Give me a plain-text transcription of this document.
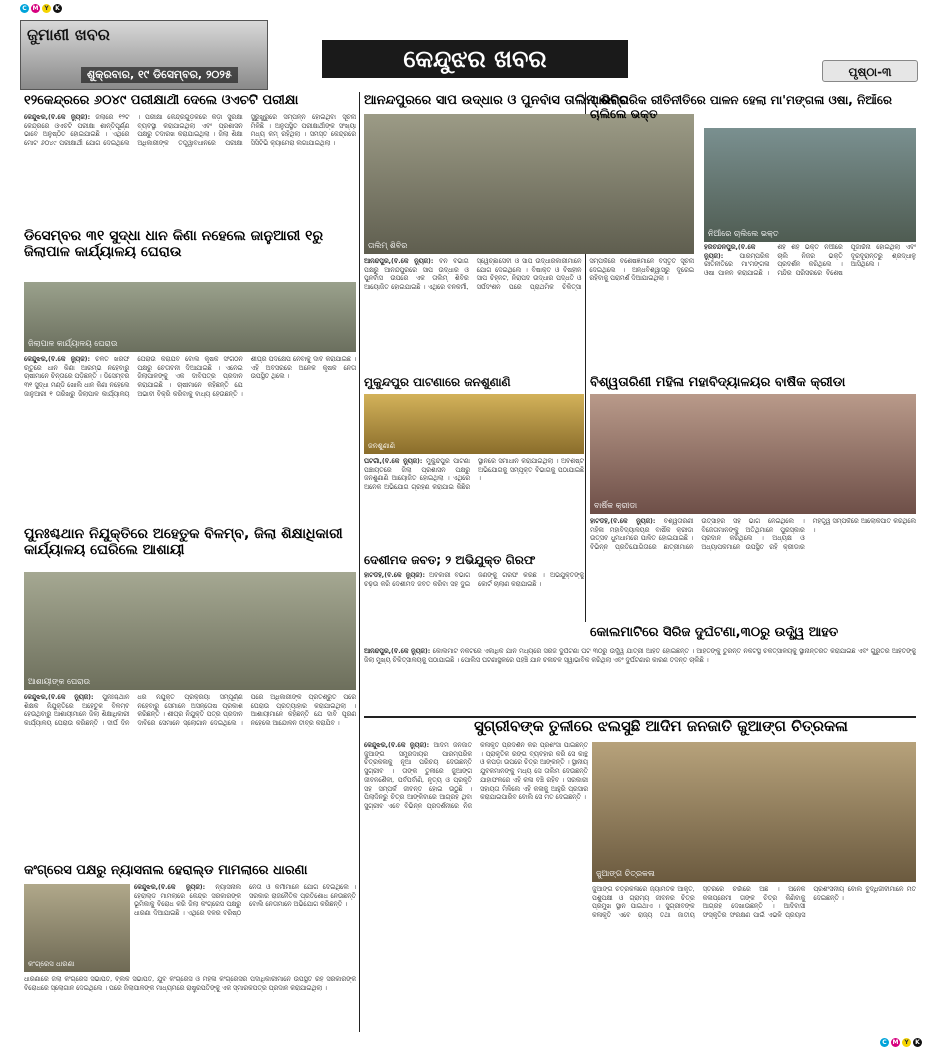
C M Y	K
ଜୁମାଣୀ ଖବର
ଶୁକ୍ରବାର, ୧୯ ଡିସେମ୍ବର, ୨୦୨୫
କେନ୍ଦୁଝର ଖବର	ପୃଷ୍ଠା-୩
୧୨କେନ୍ଦ୍ରରେ ୬୦୪୯ ପରୀକ୍ଷାର୍ଥୀ ଦେଲେ ଓଏଚଟି ପରୀକ୍ଷା
କେନ୍ଦୁଝର,(ବି.କେ ନ୍ୟୁଜ): ଜିଲାରେ ୧୨ଟି କେନ୍ଦ୍ରରେ ଓଏଚଟି ପରୀକ୍ଷା ଶାନ୍ତିପୂର୍ଣ୍ଣ ଭାବେ ଅନୁଷ୍ଠିତ ହୋଇଯାଇଛି । ଏଥିରେ ମୋଟ ୬୦୪୯ ପରୀକ୍ଷାର୍ଥୀ ଯୋଗ ଦେଇଥିଲେ । ପରୀକ୍ଷା କେନ୍ଦ୍ରଗୁଡ଼ିକରେ କଡ଼ା ସୁରକ୍ଷା ବ୍ୟବସ୍ଥା କରାଯାଇଥିଲା ଏବଂ ପ୍ରଶାସନ ପକ୍ଷରୁ ତଦାରଖ କରାଯାଇଥିଲା । ଜିଲା ଶିକ୍ଷା ଅଧିକାରୀଙ୍କ ତତ୍ତ୍ୱାବଧାନରେ ପରୀକ୍ଷା ସୁରୁଖୁରୁରେ ସମ୍ପନ୍ନ ହୋଇଥିବା ସୂଚନା ମିଳିଛି । ଅନୁପସ୍ଥିତ ପରୀକ୍ଷାର୍ଥୀଙ୍କ ସଂଖ୍ୟା ମଧ୍ୟ କମ୍ ରହିଥିଲା । ସମସ୍ତ କେନ୍ଦ୍ରରେ ସିସିଟିଭି କ୍ୟାମେରା ଲଗାଯାଇଥିଲା ।
ଡିସେମ୍ବର ୩୧ ସୁଦ୍ଧା ଧାନ କିଣା ନହେଲେ ଜାନୁଆରୀ ୧ରୁ ଜିଲାପାଳ କାର୍ଯ୍ୟାଳୟ ଘେରାଉ
ଜିଲାପାଳ କାର୍ଯ୍ୟାଳୟ ଘେରାଉ
କେନ୍ଦୁଝର,(ବି.କେ ନ୍ୟୁଜ): ଚଳିତ ଖରିଫ ଋତୁରେ ଧାନ କିଣା ଆରମ୍ଭ ନହେବାରୁ ଚାଷୀମାନେ ଚିନ୍ତାରେ ପଡ଼ିଛନ୍ତି । ଡିସେମ୍ବର ୩୧ ସୁଦ୍ଧା ମଣ୍ଡି ଖୋଲି ଧାନ କିଣା ନହେଲେ ଜାନୁଆରୀ ୧ ତାରିଖରୁ ଜିଲାପାଳ କାର୍ଯ୍ୟାଳୟ ଘେରାଉ କରାଯିବ ବୋଲି କୃଷକ ସଂଗଠନ ପକ୍ଷରୁ ଚେତାବନୀ ଦିଆଯାଇଛି । ଏନେଇ ଜିଲାପାଳଙ୍କୁ ଏକ ଦାବିପତ୍ର ପ୍ରଦାନ କରାଯାଇଛି । ଚାଷୀମାନେ କହିଛନ୍ତି ଯେ ଅଭାବୀ ବିକ୍ରି କରିବାକୁ ବାଧ୍ୟ ହେଉଛନ୍ତି । ଶୀଘ୍ର ପଦକ୍ଷେପ ନେବାକୁ ଦାବି କରାଯାଇଛି । ଏହି ଅବସରରେ ଅନେକ କୃଷକ ନେତା ଉପସ୍ଥିତ ଥିଲେ ।
ପୁନଃଶ୍ଚଥାନ ନିଯୁକ୍ତିରେ ଅହେତୁକ ବିଳମ୍ବ, ଜିଲା ଶିକ୍ଷାଧିକାରୀ କାର୍ଯ୍ୟାଳୟ ଘେରିଲେ ଆଶାୟୀ
ଆଶାୟୀଙ୍କ ଘେରାଉ
କେନ୍ଦୁଝର,(ବି.କେ ନ୍ୟୁଜ): ପୁନଃଶ୍ଚଥାନ ଶିକ୍ଷକ ନିଯୁକ୍ତିରେ ଅହେତୁକ ବିଳମ୍ବ ହେଉଥିବାରୁ ଆଶାୟୀମାନେ ଜିଲା ଶିକ୍ଷାଧିକାରୀ କାର୍ଯ୍ୟାଳୟ ଘେରାଉ କରିଛନ୍ତି । ଦୀର୍ଘ ଦିନ ଧରି ନିଯୁକ୍ତି ପ୍ରକ୍ରିୟା ସମ୍ପୂର୍ଣ୍ଣ ନହେବାରୁ ସେମାନେ ଅସନ୍ତୋଷ ପ୍ରକାଶ କରିଛନ୍ତି । ଶୀଘ୍ର ନିଯୁକ୍ତି ପତ୍ର ପ୍ରଦାନ ଦାବିରେ ସେମାନେ ସ୍ଲୋଗାନ ଦେଇଥିଲେ । ପରେ ଅଧିକାରୀଙ୍କ ପ୍ରତିଶ୍ରୁତି ପରେ ଘେରାଉ ପ୍ରତ୍ୟାହାର କରାଯାଇଥିଲା । ଆଶାୟୀମାନେ କହିଛନ୍ତି ଯେ ଦାବି ପୂରଣ ନହେଲେ ଆନ୍ଦୋଳନ ତୀବ୍ର କରାଯିବ ।
କଂଗ୍ରେସ ପକ୍ଷରୁ ନ୍ୟାସନାଲ ହେରାଲ୍ଡ ମାମଲାରେ ଧାରଣା
କଂଗ୍ରେସ ଧାରଣା
କେନ୍ଦୁଝର,(ବି.କେ ନ୍ୟୁଜ): ନ୍ୟାସନାଲ ହେରାଲ୍ଡ ମାମଲାରେ କେନ୍ଦ୍ର ସରକାରଙ୍କ ଭୂମିକାକୁ ବିରୋଧ କରି ଜିଲା କଂଗ୍ରେସ ପକ୍ଷରୁ ଧାରଣା ଦିଆଯାଇଛି । ଏଥିରେ ଦଳର ବରିଷ୍ଠ ନେତା ଓ କର୍ମୀମାନେ ଯୋଗ ଦେଇଥିଲେ । ସରକାର ରାଜନୈତିକ ପ୍ରତିଶୋଧ ନେଉଛନ୍ତି ବୋଲି ନେତାମାନେ ଅଭିଯୋଗ କରିଛନ୍ତି ।
ଧାରଣାରେ ଜିଲା କଂଗ୍ରେସ ସଭାପତି, ବ୍ଲକ ସଭାପତି, ଯୁବ କଂଗ୍ରେସ ଓ ମହିଳା କଂଗ୍ରେସର ପଦାଧିକାରୀମାନେ ଉପସ୍ଥିତ ରହି ସରକାରଙ୍କ ବିରୋଧରେ ସ୍ଲୋଗାନ ଦେଇଥିଲେ । ପରେ ଜିଲାପାଳଙ୍କ ମାଧ୍ୟମରେ ରାଷ୍ଟ୍ରପତିଙ୍କୁ ଏକ ସ୍ମାରକପତ୍ର ପ୍ରଦାନ କରାଯାଇଥିଲା ।
ଆନନ୍ଦପୁରରେ ସାପ ଉଦ୍ଧାର ଓ ପୁନର୍ବାସ ତାଲିମ୍ ଶିବିର
ତାଲିମ୍ ଶିବିର
ଆନନ୍ଦପୁର,(ବି.କେ ନ୍ୟୁଜ): ବନ ବିଭାଗ ପକ୍ଷରୁ ଆନନ୍ଦପୁରରେ ସାପ ଉଦ୍ଧାର ଓ ପୁନର୍ବାସ ଉପରେ ଏକ ତାଲିମ୍ ଶିବିର ଆୟୋଜିତ ହୋଇଯାଇଛି । ଏଥିରେ ବନକର୍ମୀ, ସ୍ୱେଚ୍ଛାସେବୀ ଓ ସାପ ଉଦ୍ଧାରକାରୀମାନେ ଯୋଗ ଦେଇଥିଲେ । ବିଷାକ୍ତ ଓ ବିଷହୀନ ସାପ ଚିହ୍ନଟ, ନିରାପଦ ଉଦ୍ଧାର ପଦ୍ଧତି ଓ ସର୍ପଦଂଶନ ପରେ ପ୍ରାଥମିକ ଚିକିତ୍ସା ସମ୍ପର୍କରେ ବିଶେଷଜ୍ଞମାନେ ବିସ୍ତୃତ ସୂଚନା ଦେଇଥିଲେ । ଅନ୍ଧବିଶ୍ୱାସରୁ ଦୂରେଇ ରହିବାକୁ ପରାମର୍ଶ ଦିଆଯାଇଥିଲା ।
ମୁକୁନ୍ଦପୁର ପାଟଣାରେ ଜନଶୁଣାଣି
ଜନଶୁଣାଣି
ଘଟଗାଁ,(ବି.କେ ନ୍ୟୁଜ): ମୁକୁନ୍ଦପୁର ପାଟଣା ପଞ୍ଚାୟତରେ ଜିଲା ପ୍ରଶାସନ ପକ୍ଷରୁ ଜନଶୁଣାଣି ଆୟୋଜିତ ହୋଇଥିଲା । ଏଥିରେ ଅନେକ ଅଭିଯୋଗ ଗ୍ରହଣ କରାଯାଇ କିଛିର ସ୍ଥାନରେ ସମାଧାନ କରାଯାଇଥିଲା । ଅବଶିଷ୍ଟ ଅଭିଯୋଗକୁ ସମ୍ପୃକ୍ତ ବିଭାଗକୁ ପଠାଯାଇଛି ।
ଦେଶୀମଦ ଜବତ; ୨ ଅଭିଯୁକ୍ତ ଗିରଫ
ହାଟଡିହି,(ବି.କେ ନ୍ୟୁଜ): ଅବକାରୀ ବିଭାଗ ଚଢ଼ଉ କରି ଦେଶୀମଦ ଜବତ କରିବା ସହ ଦୁଇ ଜଣଙ୍କୁ ଗିରଫ କରିଛି । ଅଭିଯୁକ୍ତଙ୍କୁ କୋର୍ଟ ଚାଲାଣ କରାଯାଇଛି ।
ପାରମ୍ପରିକ ରୀତିନୀତିରେ ପାଳନ ହେଲା ମା'ମଙ୍ଗଳା ଓଷା, ନିଆଁରେ ଚାଲିଲେ ଭକ୍ତ
ନିଆଁରେ ଚାଲିଲେ ଭକ୍ତ
ହରିଚନ୍ଦନପୁର,(ବି.କେ ନ୍ୟୁଜ): ପାରମ୍ପରିକ ରୀତିନୀତିରେ ମା'ମଙ୍ଗଳା ଓଷା ପାଳନ କରାଯାଇଛି । ଶହ ଶହ ଭକ୍ତ ନିଆଁରେ ଚାଲି ନିଜର ଭକ୍ତି ପ୍ରଦର୍ଶନ କରିଥିଲେ । ମନ୍ଦିର ପରିସରରେ ବିଶେଷ ପୂଜାର୍ଚ୍ଚନା ହୋଇଥିଲା ଏବଂ ଦୂରଦୂରାନ୍ତରୁ ଶ୍ରଦ୍ଧାଳୁ ଆସିଥିଲେ ।
ବିଶ୍ୱତାରିଣୀ ମହିଳା ମହାବିଦ୍ୟାଳୟର ବାର୍ଷିକ କ୍ରୀଡା
ବାର୍ଷିକ କ୍ରୀଡା
ହାଟଡିହି,(ବି.କେ ନ୍ୟୁଜ): ବିଶ୍ୱତାରିଣୀ ମହିଳା ମହାବିଦ୍ୟାଳୟର ବାର୍ଷିକ କ୍ରୀଡା ଉତ୍ସବ ଧୁମଧାମରେ ପାଳିତ ହୋଇଯାଇଛି । ବିଭିନ୍ନ ପ୍ରତିଯୋଗିତାରେ ଛାତ୍ରୀମାନେ ଉତ୍ସାହର ସହ ଭାଗ ନେଇଥିଲେ । ବିଜେତାମାନଙ୍କୁ ଅତିଥିମାନେ ପୁରସ୍କାର ପ୍ରଦାନ କରିଥିଲେ । ଅଧ୍ୟକ୍ଷ ଓ ଅଧ୍ୟାପକମାନେ ଉପସ୍ଥିତ ରହି କ୍ରୀଡାର ମହତ୍ତ୍ୱ ସମ୍ପର୍କରେ ଆଲୋକପାତ କରିଥିଲେ ।
କୋଲମାଟିରେ ସିରିଜ ଦୁର୍ଘଟଣା,୩୦ରୁ ଉର୍ଦ୍ଧ୍ୱ ଆହତ
ଆନନ୍ଦପୁର,(ବି.କେ ନ୍ୟୁଜ): କୋଲମାଟି ନିକଟରେ ଏକାଧିକ ଯାନ ମଧ୍ୟରେ ସିରିଜ ଦୁର୍ଘଟଣା ଘଟି ୩୦ରୁ ଉର୍ଦ୍ଧ୍ୱ ଯାତ୍ରୀ ଆହତ ହୋଇଛନ୍ତି । ଆହତଙ୍କୁ ତୁରନ୍ତ ନିକଟସ୍ଥ ଚିକିତ୍ସାଳୟକୁ ସ୍ଥାନାନ୍ତରିତ କରାଯାଇଛି ଏବଂ ଗୁରୁତର ଆହତଙ୍କୁ ଜିଲା ମୁଖ୍ୟ ଚିକିତ୍ସାଳୟକୁ ପଠାଯାଇଛି । ପୋଲିସ ଘଟଣାସ୍ଥଳରେ ପହଞ୍ଚି ଯାନ ଚଳାଚଳ ସ୍ୱାଭାବିକ କରିଥିଲା ଏବଂ ଦୁର୍ଘଟଣାର କାରଣ ତଦନ୍ତ ଚାଲିଛି ।
ସୁଗ୍ରୀବଙ୍କ ତୁଳୀରେ ଝଲସୁଛି ଆଦିମ ଜନଜାତି ଜୁଆଙ୍ଗ ଚିତ୍ରକଳା
କେନ୍ଦୁଝର,(ବି.କେ ନ୍ୟୁଜ): ଆଦିମ ଜନଜାତି ଜୁଆଙ୍ଗ ସମ୍ପ୍ରଦାୟର ପାରମ୍ପରିକ ଚିତ୍ରକଳାକୁ ନୂଆ ପରିଚୟ ଦେଉଛନ୍ତି ସୁଗ୍ରୀବ । ତାଙ୍କ ତୁଳୀରେ ଜୁଆଙ୍ଗ ଜୀବନଶୈଳୀ, ପର୍ବପର୍ବାଣି, ନୃତ୍ୟ ଓ ପ୍ରକୃତି ସହ ସମ୍ପର୍କ ଜୀବନ୍ତ ହୋଇ ଉଠୁଛି । ପିଲାଦିନରୁ ଚିତ୍ର ଆଙ୍କିବାରେ ଆଗ୍ରହ ଥିବା ସୁଗ୍ରୀବ ଏବେ ବିଭିନ୍ନ ପ୍ରଦର୍ଶନୀରେ ନିଜ କଳାକୃତି ପ୍ରଦର୍ଶନ କରି ପ୍ରଶଂସା ପାଇଛନ୍ତି । ପ୍ରାକୃତିକ ରଙ୍ଗ ବ୍ୟବହାର କରି ସେ କାନ୍ଥ ଓ କପଡ଼ା ଉପରେ ଚିତ୍ର ଆଙ୍କନ୍ତି । ସ୍ଥାନୀୟ ଯୁବକମାନଙ୍କୁ ମଧ୍ୟ ସେ ତାଲିମ ଦେଉଛନ୍ତି ଯାହାଫଳରେ ଏହି କଳା ବଞ୍ଚି ରହିବ । ସରକାରୀ ସହାୟତା ମିଳିଲେ ଏହି କଳାକୁ ଆହୁରି ପ୍ରସାର କରାଯାଇପାରିବ ବୋଲି ସେ ମତ ଦେଇଛନ୍ତି ।
ଜୁଆଙ୍ଗ ଚିତ୍ରକଳା
ଜୁଆଙ୍ଗ ଚିତ୍ରକଳାରେ ଜ୍ୟାମିତିକ ଆକୃତି, ପଶୁପକ୍ଷୀ ଓ ଗ୍ରାମ୍ୟ ଜୀବନର ଚିତ୍ର ପ୍ରମୁଖ ସ୍ଥାନ ପାଇଥାଏ । ସୁଗ୍ରୀବଙ୍କ କଳାକୃତି ଏବେ ରାଜ୍ୟ ତଥା ଜାତୀୟ ସ୍ତରରେ ଚର୍ଚ୍ଚାରେ ଅଛି । ଅନେକ କଳାପ୍ରେମୀ ତାଙ୍କ ଚିତ୍ର କିଣିବାକୁ ଆଗ୍ରହ ଦେଖାଉଛନ୍ତି । ଆଦିବାସୀ ସଂସ୍କୃତିର ସଂରକ୍ଷଣ ପାଇଁ ଏଭଳି ପ୍ରୟାସ ପ୍ରଶଂସନୀୟ ବୋଲି ବୁଦ୍ଧିଜୀବୀମାନେ ମତ ଦେଇଛନ୍ତି ।
C M Y	K
